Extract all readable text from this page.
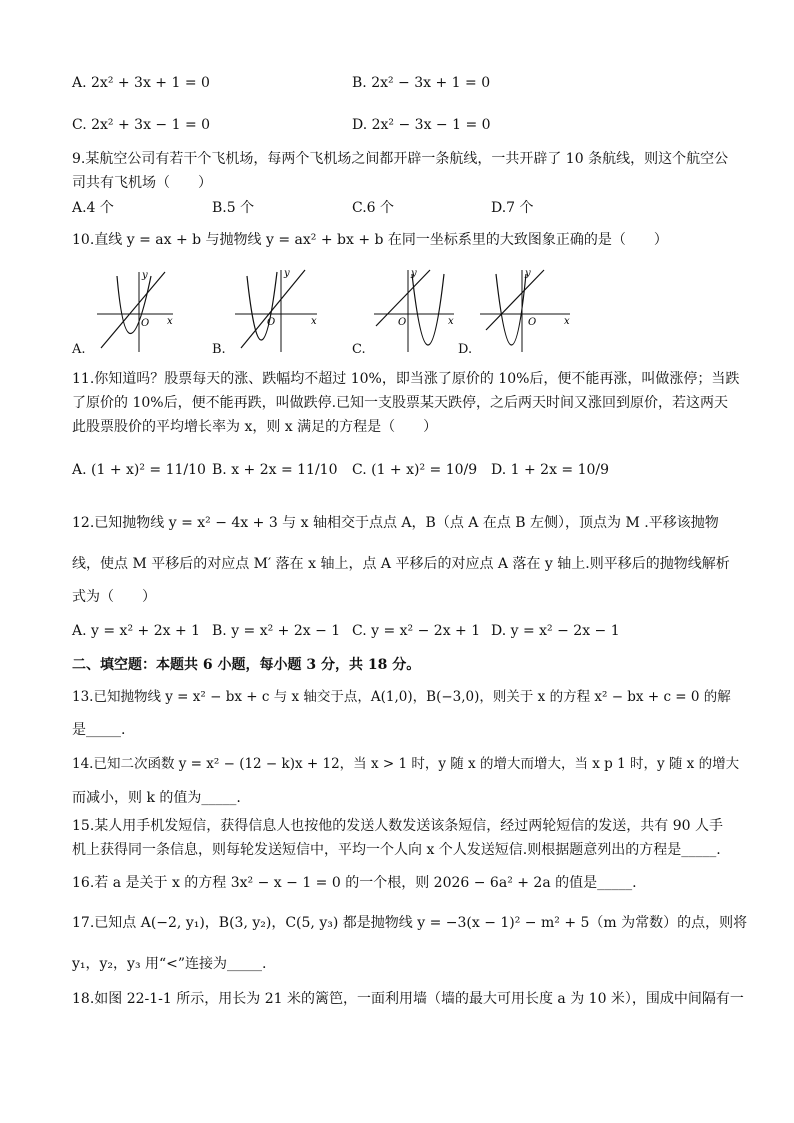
A. 2x² + 3x + 1 = 0	B. 2x² − 3x + 1 = 0
C. 2x² + 3x − 1 = 0	D. 2x² − 3x − 1 = 0
9.某航空公司有若干个飞机场，每两个飞机场之间都开辟一条航线，一共开辟了 10 条航线，则这个航空公
司共有飞机场（　　）
A.4 个	B.5 个	C.6 个	D.7 个
10.直线 y = ax + b 与抛物线 y = ax² + bx + b 在同一坐标系里的大致图象正确的是（　　）
x
y
O	x
y
O	x
y
O	x
y
O
A.	B.	C.	D.
11.你知道吗？股票每天的涨、跌幅均不超过 10%，即当涨了原价的 10%后，便不能再涨，叫做涨停；当跌
了原价的 10%后，便不能再跌，叫做跌停.已知一支股票某天跌停，之后两天时间又涨回到原价，若这两天
此股票股价的平均增长率为 x，则 x 满足的方程是（　　）
A. (1 + x)² = 11/10 B. x + 2x = 11/10 C. (1 + x)² = 10/9 D. 1 + 2x = 10/9
12.已知抛物线 y = x² − 4x + 3 与 x 轴相交于点点 A，B（点 A 在点 B 左侧），顶点为 M .平移该抛物
线，使点 M 平移后的对应点 M′ 落在 x 轴上，点 A 平移后的对应点 A 落在 y 轴上.则平移后的抛物线解析
式为（　　）
A. y = x² + 2x + 1 B. y = x² + 2x − 1 C. y = x² − 2x + 1 D. y = x² − 2x − 1
二、填空题：本题共 6 小题，每小题 3 分，共 18 分。
13.已知抛物线 y = x² − bx + c 与 x 轴交于点，A(1,0)，B(−3,0)，则关于 x 的方程 x² − bx + c = 0 的解
是_____.
14.已知二次函数 y = x² − (12 − k)x + 12，当 x > 1 时，y 随 x 的增大而增大，当 x p 1 时，y 随 x 的增大
而减小，则 k 的值为_____.
15.某人用手机发短信，获得信息人也按他的发送人数发送该条短信，经过两轮短信的发送，共有 90 人手
机上获得同一条信息，则每轮发送短信中，平均一个人向 x 个人发送短信.则根据题意列出的方程是_____.
16.若 a 是关于 x 的方程 3x² − x − 1 = 0 的一个根，则 2026 − 6a² + 2a 的值是_____.
17.已知点 A(−2, y₁)，B(3, y₂)，C(5, y₃) 都是抛物线 y = −3(x − 1)² − m² + 5（m 为常数）的点，则将
y₁，y₂，y₃ 用“<”连接为_____.
18.如图 22-1-1 所示，用长为 21 米的篱笆，一面利用墙（墙的最大可用长度 a 为 10 米），围成中间隔有一
